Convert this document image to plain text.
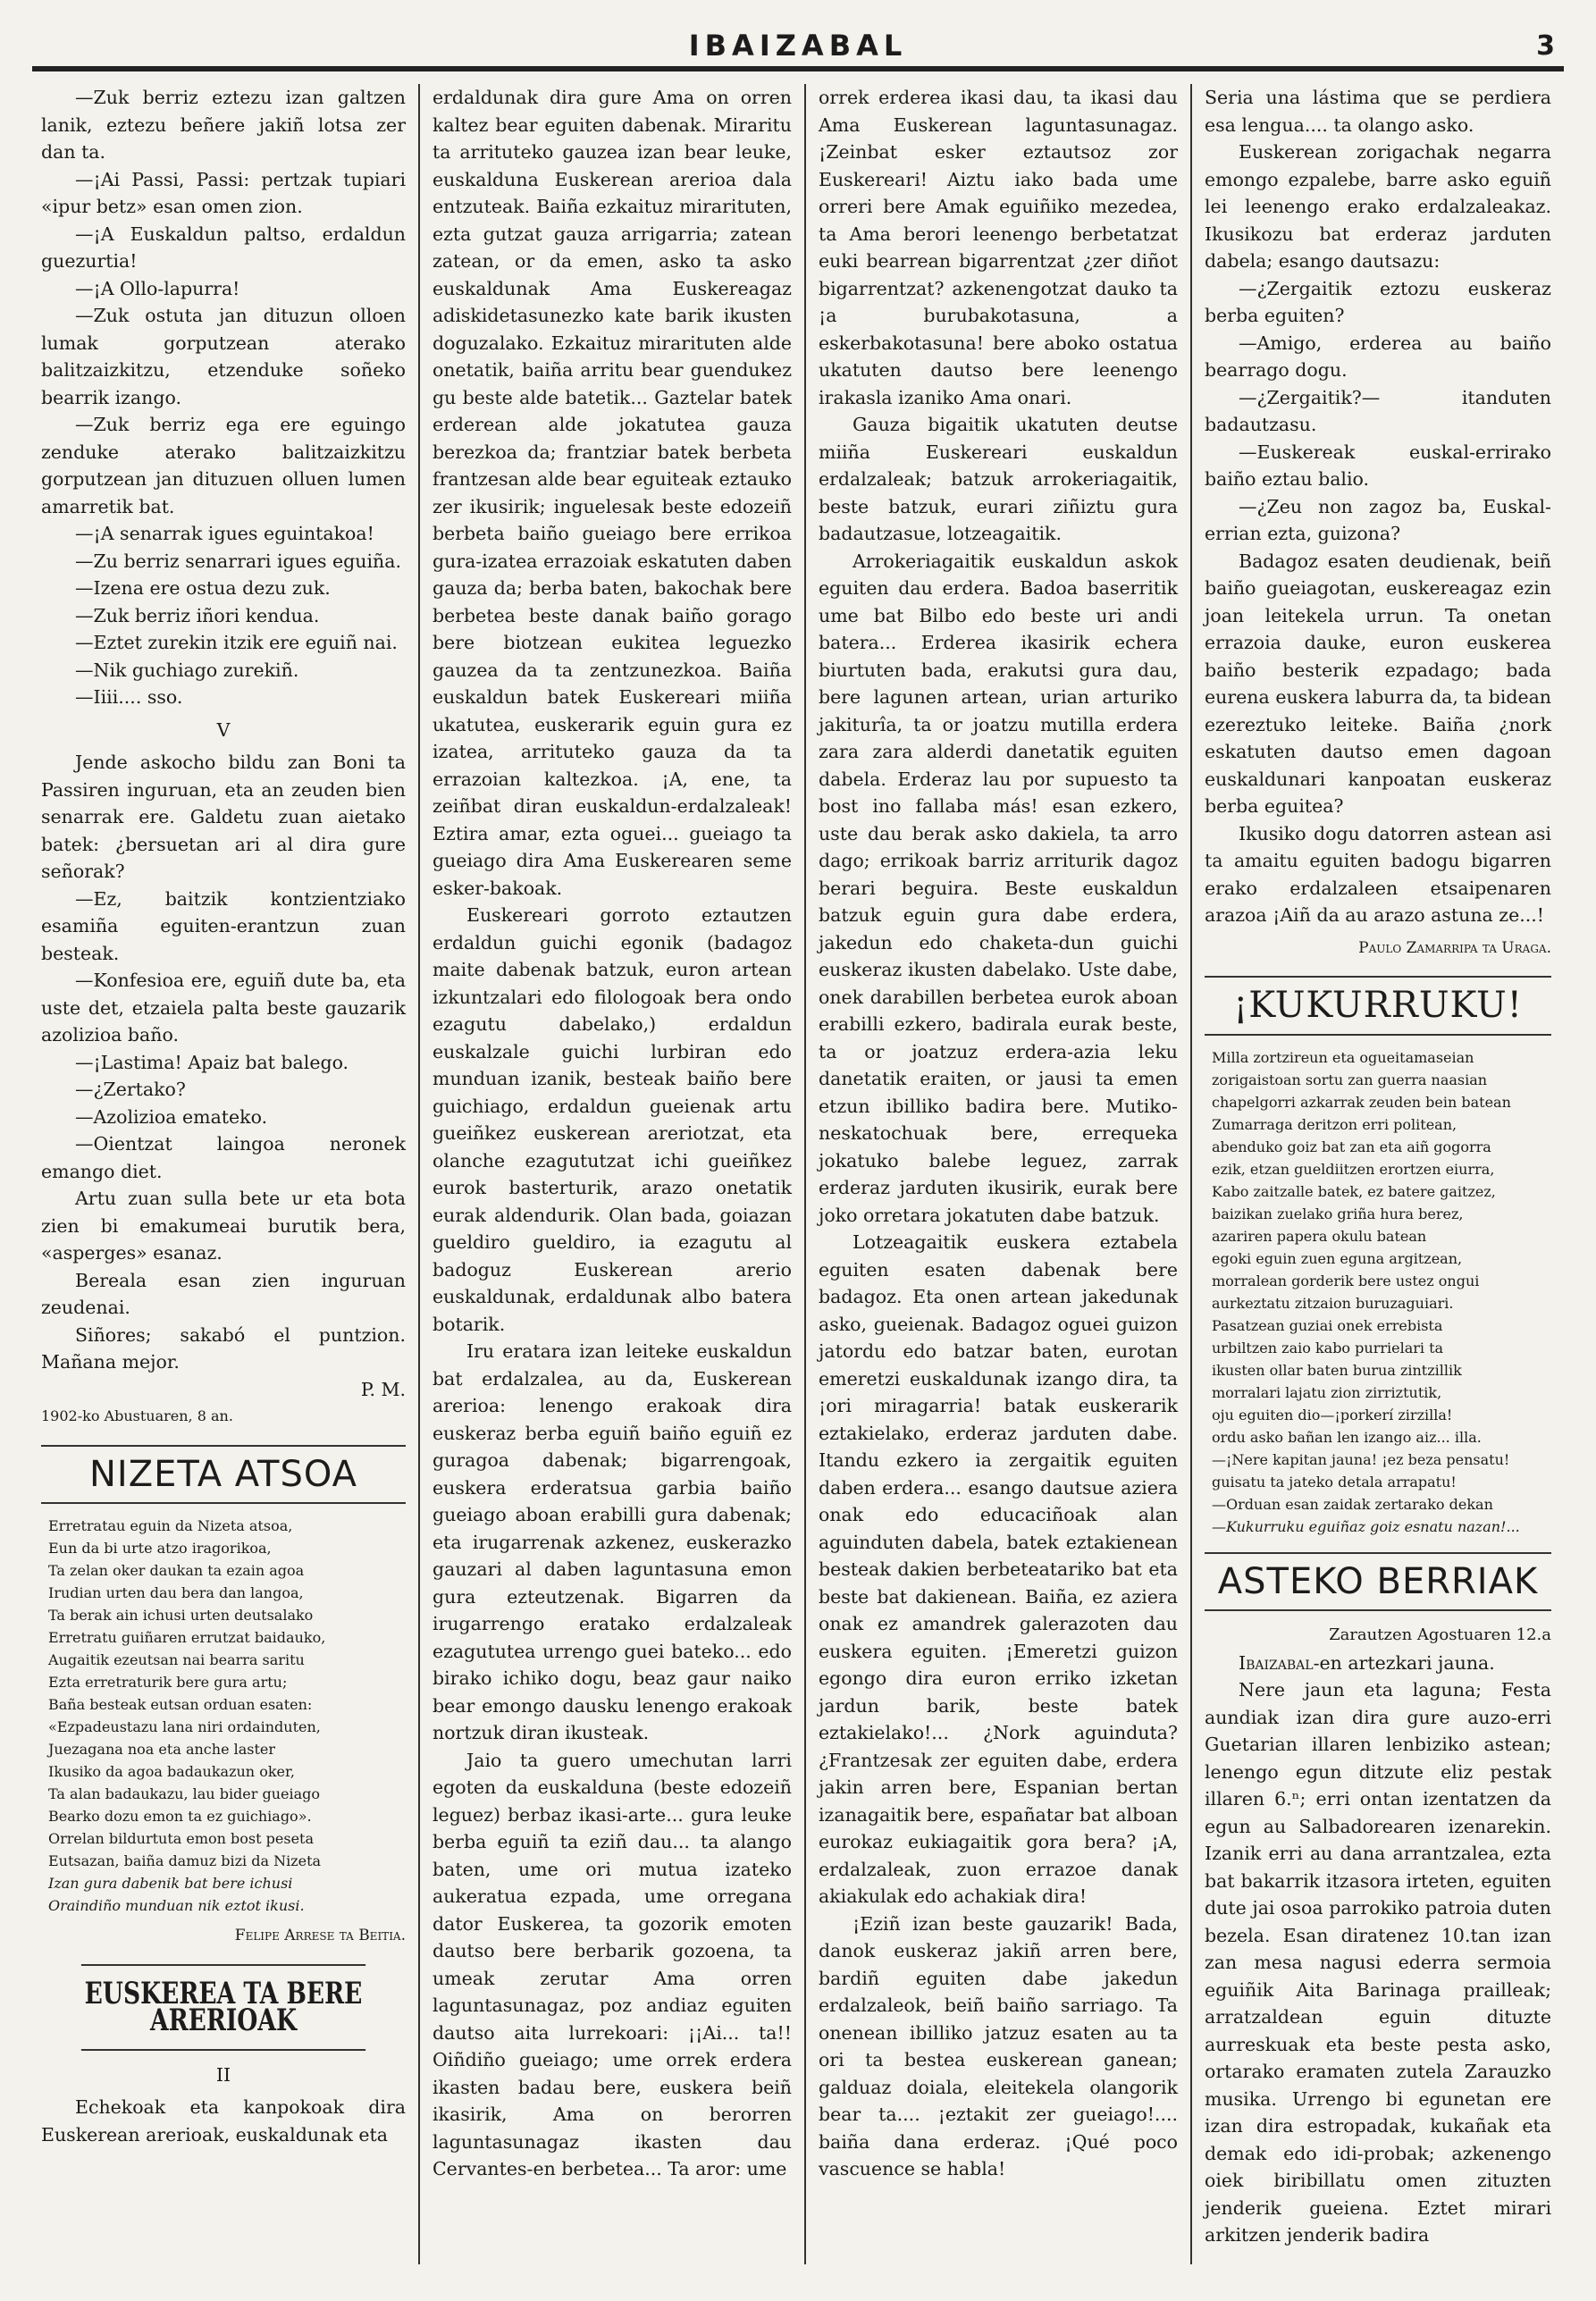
IBAIZABAL	3

—Zuk berriz eztezu izan galtzen lanik, eztezu beñere jakiñ lotsa zer dan ta.

—¡Ai Passi, Passi: pertzak tupiari «ipur betz» esan omen zion.

—¡A Euskaldun paltso, erdaldun guezurtia!

—¡A Ollo-lapurra!

—Zuk ostuta jan dituzun olloen lumak gorputzean aterako balitzaizkitzu, etzenduke soñeko bearrik izango.

—Zuk berriz ega ere eguingo zenduke aterako balitzaizkitzu gorputzean jan dituzuen olluen lumen amarretik bat.

—¡A senarrak igues eguintakoa!

—Zu berriz senarrari igues eguiña.

—Izena ere ostua dezu zuk.

—Zuk berriz iñori kendua.

—Eztet zurekin itzik ere eguiñ nai.

—Nik guchiago zurekiñ.

—Iiii.... sso.

V

Jende askocho bildu zan Boni ta Passiren inguruan, eta an zeuden bien senarrak ere. Galdetu zuan aietako batek: ¿bersuetan ari al dira gure señorak?

—Ez, baitzik kontzientziako esamiña eguiten-erantzun zuan besteak.

—Konfesioa ere, eguiñ dute ba, eta uste det, etzaiela palta beste gauzarik azolizioa baño.

—¡Lastima! Apaiz bat balego.

—¿Zertako?

—Azolizioa emateko.

—Oientzat laingoa neronek emango diet.

Artu zuan sulla bete ur eta bota zien bi emakumeai burutik bera, «asperges» esanaz.

Bereala esan zien inguruan zeudenai.

Siñores; sakabó el puntzion. Mañana mejor.

P. M.
1902-ko Abustuaren, 8 an.
NIZETA ATSOA
Erretratau eguin da Nizeta atsoa,
Eun da bi urte atzo iragorikoa,
Ta zelan oker daukan ta ezain agoa
Irudian urten dau bera dan langoa,
Ta berak ain ichusi urten deutsalako
Erretratu guiñaren errutzat baidauko,
Augaitik ezeutsan nai bearra saritu
Ezta erretraturik bere gura artu;
Baña besteak eutsan orduan esaten:
«Ezpadeustazu lana niri ordainduten,
Juezagana noa eta anche laster
Ikusiko da agoa badaukazun oker,
Ta alan badaukazu, lau bider gueiago
Bearko dozu emon ta ez guichiago».
Orrelan bildurtuta emon bost peseta
Eutsazan, baiña damuz bizi da Nizeta
Izan gura dabenik bat bere ichusi
Oraindiño munduan nik eztot ikusi.
Felipe Arrese ta Beitia.
EUSKEREA TA BERE ARERIOAK
II

Echekoak eta kanpokoak dira Euskerean arerioak, euskaldunak eta

erdaldunak dira gure Ama on orren kaltez bear eguiten dabenak. Miraritu ta arrituteko gauzea izan bear leuke, euskalduna Euskerean arerioa dala entzuteak. Baiña ezkaituz mirarituten, ezta gutzat gauza arrigarria; zatean zatean, or da emen, asko ta asko euskaldunak Ama Euskereagaz adiskidetasunezko kate barik ikusten doguzalako. Ezkaituz mirarituten alde onetatik, baiña arritu bear guendukez gu beste alde batetik... Gaztelar batek erderean alde jokatutea gauza berezkoa da; frantziar batek berbeta frantzesan alde bear eguiteak eztauko zer ikusirik; inguelesak beste edozeiñ berbeta baiño gueiago bere errikoa gura-izatea errazoiak eskatuten daben gauza da; berba baten, bakochak bere berbetea beste danak baiño gorago bere biotzean eukitea leguezko gauzea da ta zentzunezkoa. Baiña euskaldun batek Euskereari miiña ukatutea, euskerarik eguin gura ez izatea, arrituteko gauza da ta errazoian kaltezkoa. ¡A, ene, ta zeiñbat diran euskaldun-erdalzaleak! Eztira amar, ezta oguei... gueiago ta gueiago dira Ama Euskerearen seme esker-bakoak.

Euskereari gorroto eztautzen erdaldun guichi egonik (badagoz maite dabenak batzuk, euron artean izkuntzalari edo filologoak bera ondo ezagutu dabelako,) erdaldun euskalzale guichi lurbiran edo munduan izanik, besteak baiño bere guichiago, erdaldun gueienak artu gueiñkez euskerean areriotzat, eta olanche ezagututzat ichi gueiñkez eurok basterturik, arazo onetatik eurak aldendurik. Olan bada, goiazan gueldiro gueldiro, ia ezagutu al badoguz Euskerean arerio euskaldunak, erdaldunak albo batera botarik.

Iru eratara izan leiteke euskaldun bat erdalzalea, au da, Euskerean arerioa: lenengo erakoak dira euskeraz berba eguiñ baiño eguiñ ez guragoa dabenak; bigarrengoak, euskera erderatsua garbia baiño gueiago aboan erabilli gura dabenak; eta irugarrenak azkenez, euskerazko gauzari al daben laguntasuna emon gura ezteutzenak. Bigarren da irugarrengo eratako erdalzaleak ezagututea urrengo guei bateko... edo birako ichiko dogu, beaz gaur naiko bear emongo dausku lenengo erakoak nortzuk diran ikusteak.

Jaio ta guero umechutan larri egoten da euskalduna (beste edozeiñ leguez) berbaz ikasi-arte... gura leuke berba eguiñ ta eziñ dau... ta alango baten, ume ori mutua izateko aukeratua ezpada, ume orregana dator Euskerea, ta gozorik emoten dautso bere berbarik gozoena, ta umeak zerutar Ama orren laguntasunagaz, poz andiaz eguiten dautso aita lurrekoari: ¡¡Ai... ta!! Oiñdiño gueiago; ume orrek erdera ikasten badau bere, euskera beiñ ikasirik, Ama on berorren laguntasunagaz ikasten dau Cervantes-en berbetea... Ta aror: ume

orrek erderea ikasi dau, ta ikasi dau Ama Euskerean laguntasunagaz. ¡Zeinbat esker eztautsoz zor Euskereari! Aiztu iako bada ume orreri bere Amak eguiñiko mezedea, ta Ama berori leenengo berbetatzat euki bearrean bigarrentzat ¿zer diñot bigarrentzat? azkenengotzat dauko ta ¡a burubakotasuna, a eskerbakotasuna! bere aboko ostatua ukatuten dautso bere leenengo irakasla izaniko Ama onari.

Gauza bigaitik ukatuten deutse miiña Euskereari euskaldun erdalzaleak; batzuk arrokeriagaitik, beste batzuk, eurari ziñiztu gura badautzasue, lotzeagaitik.

Arrokeriagaitik euskaldun askok eguiten dau erdera. Badoa baserritik ume bat Bilbo edo beste uri andi batera... Erderea ikasirik echera biurtuten bada, erakutsi gura dau, bere lagunen artean, urian arturiko jakiturîa, ta or joatzu mutilla erdera zara zara alderdi danetatik eguiten dabela. Erderaz lau por supuesto ta bost ino fallaba más! esan ezkero, uste dau berak asko dakiela, ta arro dago; errikoak barriz arriturik dagoz berari beguira. Beste euskaldun batzuk eguin gura dabe erdera, jakedun edo chaketa-dun guichi euskeraz ikusten dabelako. Uste dabe, onek darabillen berbetea eurok aboan erabilli ezkero, badirala eurak beste, ta or joatzuz erdera-azia leku danetatik eraiten, or jausi ta emen etzun ibilliko badira bere. Mutiko-neskatochuak bere, errequeka jokatuko balebe leguez, zarrak erderaz jarduten ikusirik, eurak bere joko orretara jokatuten dabe batzuk.

Lotzeagaitik euskera eztabela eguiten esaten dabenak bere badagoz. Eta onen artean jakedunak asko, gueienak. Badagoz oguei guizon jatordu edo batzar baten, eurotan emeretzi euskaldunak izango dira, ta ¡ori miragarria! batak euskerarik eztakielako, erderaz jarduten dabe. Itandu ezkero ia zergaitik eguiten daben erdera... esango dautsue aziera onak edo educaciñoak alan aguinduten dabela, batek eztakienean besteak dakien berbeteatariko bat eta beste bat dakienean. Baiña, ez aziera onak ez amandrek galerazoten dau euskera eguiten. ¡Emeretzi guizon egongo dira euron erriko izketan jardun barik, beste batek eztakielako!... ¿Nork aguinduta? ¿Frantzesak zer eguiten dabe, erdera jakin arren bere, Espanian bertan izanagaitik bere, españatar bat alboan eurokaz eukiagaitik gora bera? ¡A, erdalzaleak, zuon errazoe danak akiakulak edo achakiak dira!

¡Eziñ izan beste gauzarik! Bada, danok euskeraz jakiñ arren bere, bardiñ eguiten dabe jakedun erdalzaleok, beiñ baiño sarriago. Ta onenean ibilliko jatzuz esaten au ta ori ta bestea euskerean ganean; galduaz doiala, eleitekela olangorik bear ta.... ¡eztakit zer gueiago!.... baiña dana erderaz. ¡Qué poco vascuence se habla!

Seria una lástima que se perdiera esa lengua.... ta olango asko.

Euskerean zorigachak negarra emongo ezpalebe, barre asko eguiñ lei leenengo erako erdalzaleakaz. Ikusikozu bat erderaz jarduten dabela; esango dautsazu:

—¿Zergaitik eztozu euskeraz berba eguiten?

—Amigo, erderea au baiño bearrago dogu.

—¿Zergaitik?— itanduten badautzasu.

—Euskereak euskal-errirako baiño eztau balio.

—¿Zeu non zagoz ba, Euskal-errian ezta, guizona?

Badagoz esaten deudienak, beiñ baiño gueiagotan, euskereagaz ezin joan leitekela urrun. Ta onetan errazoia dauke, euron euskerea baiño besterik ezpadago; bada eurena euskera laburra da, ta bidean ezereztuko leiteke. Baiña ¿nork eskatuten dautso emen dagoan euskaldunari kanpoatan euskeraz berba eguitea?

Ikusiko dogu datorren astean asi ta amaitu eguiten badogu bigarren erako erdalzaleen etsaipenaren arazoa ¡Aiñ da au arazo astuna ze...!

Paulo Zamarripa ta Uraga.
¡KUKURRUKU!
Milla zortzireun eta ogueitamaseian
zorigaistoan sortu zan guerra naasian
chapelgorri azkarrak zeuden bein batean
Zumarraga deritzon erri politean,
abenduko goiz bat zan eta aiñ gogorra
ezik, etzan gueldiitzen erortzen eiurra,
Kabo zaitzalle batek, ez batere gaitzez,
baizikan zuelako griña hura berez,
azariren papera okulu batean
egoki eguin zuen eguna argitzean,
morralean gorderik bere ustez ongui
aurkeztatu zitzaion buruzaguiari.
Pasatzean guziai onek errebista
urbiltzen zaio kabo purrielari ta
ikusten ollar baten burua zintzillik
morralari lajatu zion zirriztutik,
oju eguiten dio—¡porkerí zirzilla!
ordu asko bañan len izango aiz... illa.
—¡Nere kapitan jauna! ¡ez beza pensatu!
guisatu ta jateko detala arrapatu!
—Orduan esan zaidak zertarako dekan
—Kukurruku eguiñaz goiz esnatu nazan!...
ASTEKO BERRIAK
Zarautzen Agostuaren 12.a

Ibaizabal-en artezkari jauna.

Nere jaun eta laguna; Festa aundiak izan dira gure auzo-erri Guetarian illaren lenbiziko astean; lenengo egun ditzute eliz pestak illaren 6.ⁿ; erri ontan izentatzen da egun au Salbadorearen izenarekin. Izanik erri au dana arrantzalea, ezta bat bakarrik itzasora irteten, eguiten dute jai osoa parrokiko patroia duten bezela. Esan diratenez 10.tan izan zan mesa nagusi ederra sermoia eguiñik Aita Barinaga prailleak; arratzaldean eguin dituzte aurreskuak eta beste pesta asko, ortarako eramaten zutela Zarauzko musika. Urrengo bi egunetan ere izan dira estropadak, kukañak eta demak edo idi-probak; azkenengo oiek biribillatu omen zituzten jenderik gueiena. Eztet mirari arkitzen jenderik badira
